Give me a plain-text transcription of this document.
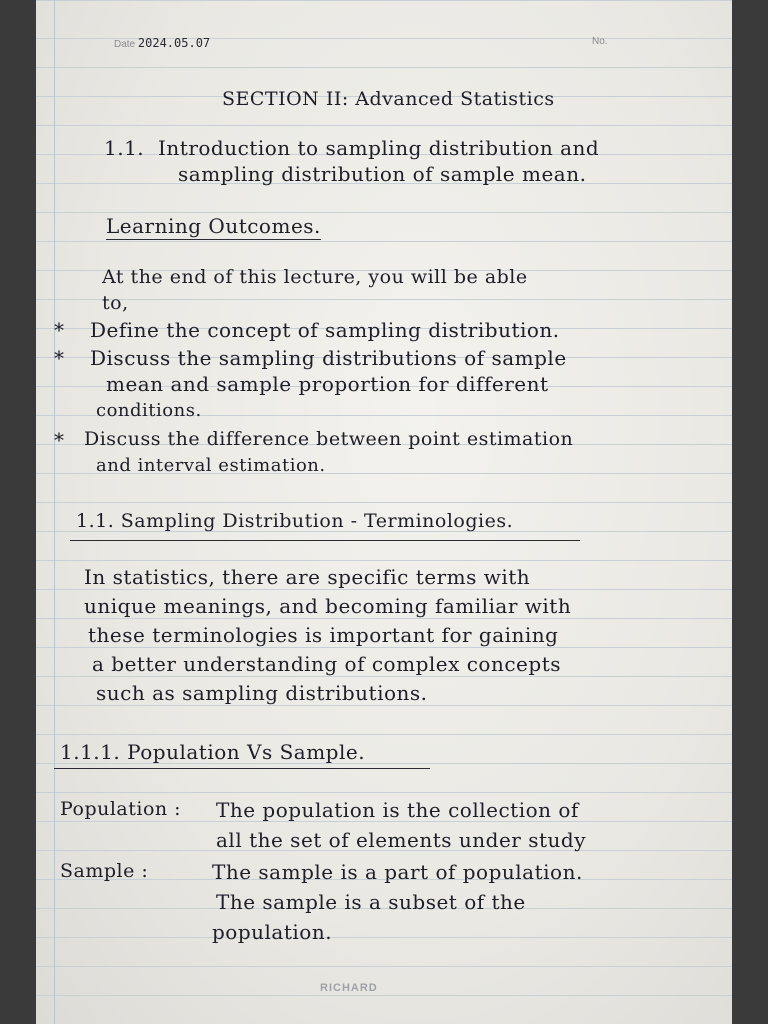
Date 2024.05.07	No.
SECTION II: Advanced Statistics
1.1. Introduction to sampling distribution and
sampling distribution of sample mean.
Learning Outcomes.
At the end of this lecture, you will be able
to,
* Define the concept of sampling distribution.
* Discuss the sampling distributions of sample
mean and sample proportion for different
conditions.
* Discuss the difference between point estimation
and interval estimation.
1.1. Sampling Distribution - Terminologies.
In statistics, there are specific terms with
unique meanings, and becoming familiar with
these terminologies is important for gaining
a better understanding of complex concepts
such as sampling distributions.
1.1.1. Population Vs Sample.
Population : The population is the collection of
all the set of elements under study
Sample :	The sample is a part of population.
The sample is a subset of the
population.
RICHARD
